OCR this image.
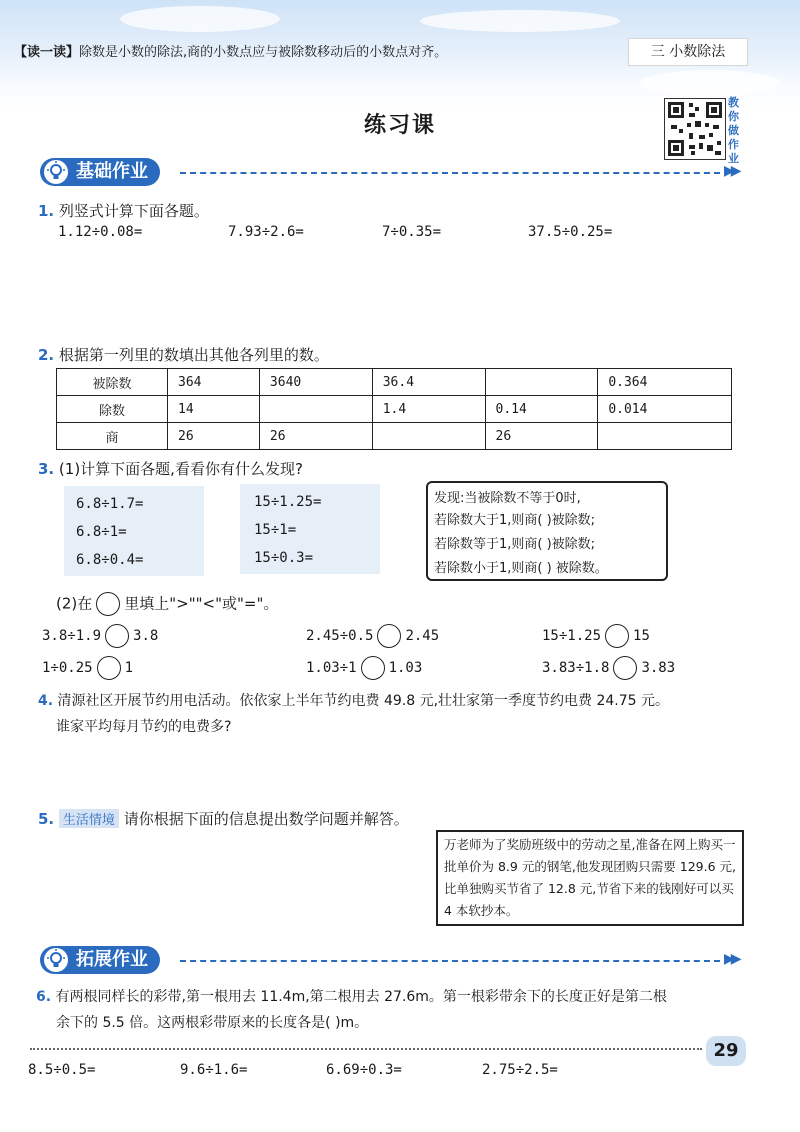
【读一读】除数是小数的除法,商的小数点应与被除数移动后的小数点对齐。	三 小数除法
练习课
教你做作业
基础作业	▶▶
1. 列竖式计算下面各题。
1.12÷0.08=	7.93÷2.6=	7÷0.35=	37.5÷0.25=
2. 根据第一列里的数填出其他各列里的数。
被除数	364	3640	36.4		0.364
除数	14		1.4	0.14	0.014
商	26	26		26	
3. (1)计算下面各题,看看你有什么发现?
6.8÷1.7=
6.8÷1=
6.8÷0.4=
15÷1.25=
15÷1=
15÷0.3=
发现:当被除数不等于0时,
若除数大于1,则商( )被除数;
若除数等于1,则商( )被除数;
若除数小于1,则商( ) 被除数。
(2)在 里填上">""<"或"="。
3.8÷1.9 3.8	2.45÷0.5 2.45	15÷1.25 15
1÷0.25 1	1.03÷1 1.03	3.83÷1.8 3.83
4. 清源社区开展节约用电活动。依依家上半年节约电费 49.8 元,壮壮家第一季度节约电费 24.75 元。
谁家平均每月节约的电费多?
5. 生活情境 请你根据下面的信息提出数学问题并解答。
万老师为了奖励班级中的劳动之星,准备在网上购买一批单价为 8.9 元的钢笔,他发现团购只需要 129.6 元,比单独购买节省了 12.8 元,节省下来的钱刚好可以买 4 本软抄本。
拓展作业	▶▶
6. 有两根同样长的彩带,第一根用去 11.4m,第二根用去 27.6m。第一根彩带余下的长度正好是第二根
余下的 5.5 倍。这两根彩带原来的长度各是( )m。
29
8.5÷0.5=	9.6÷1.6=	6.69÷0.3=	2.75÷2.5=
